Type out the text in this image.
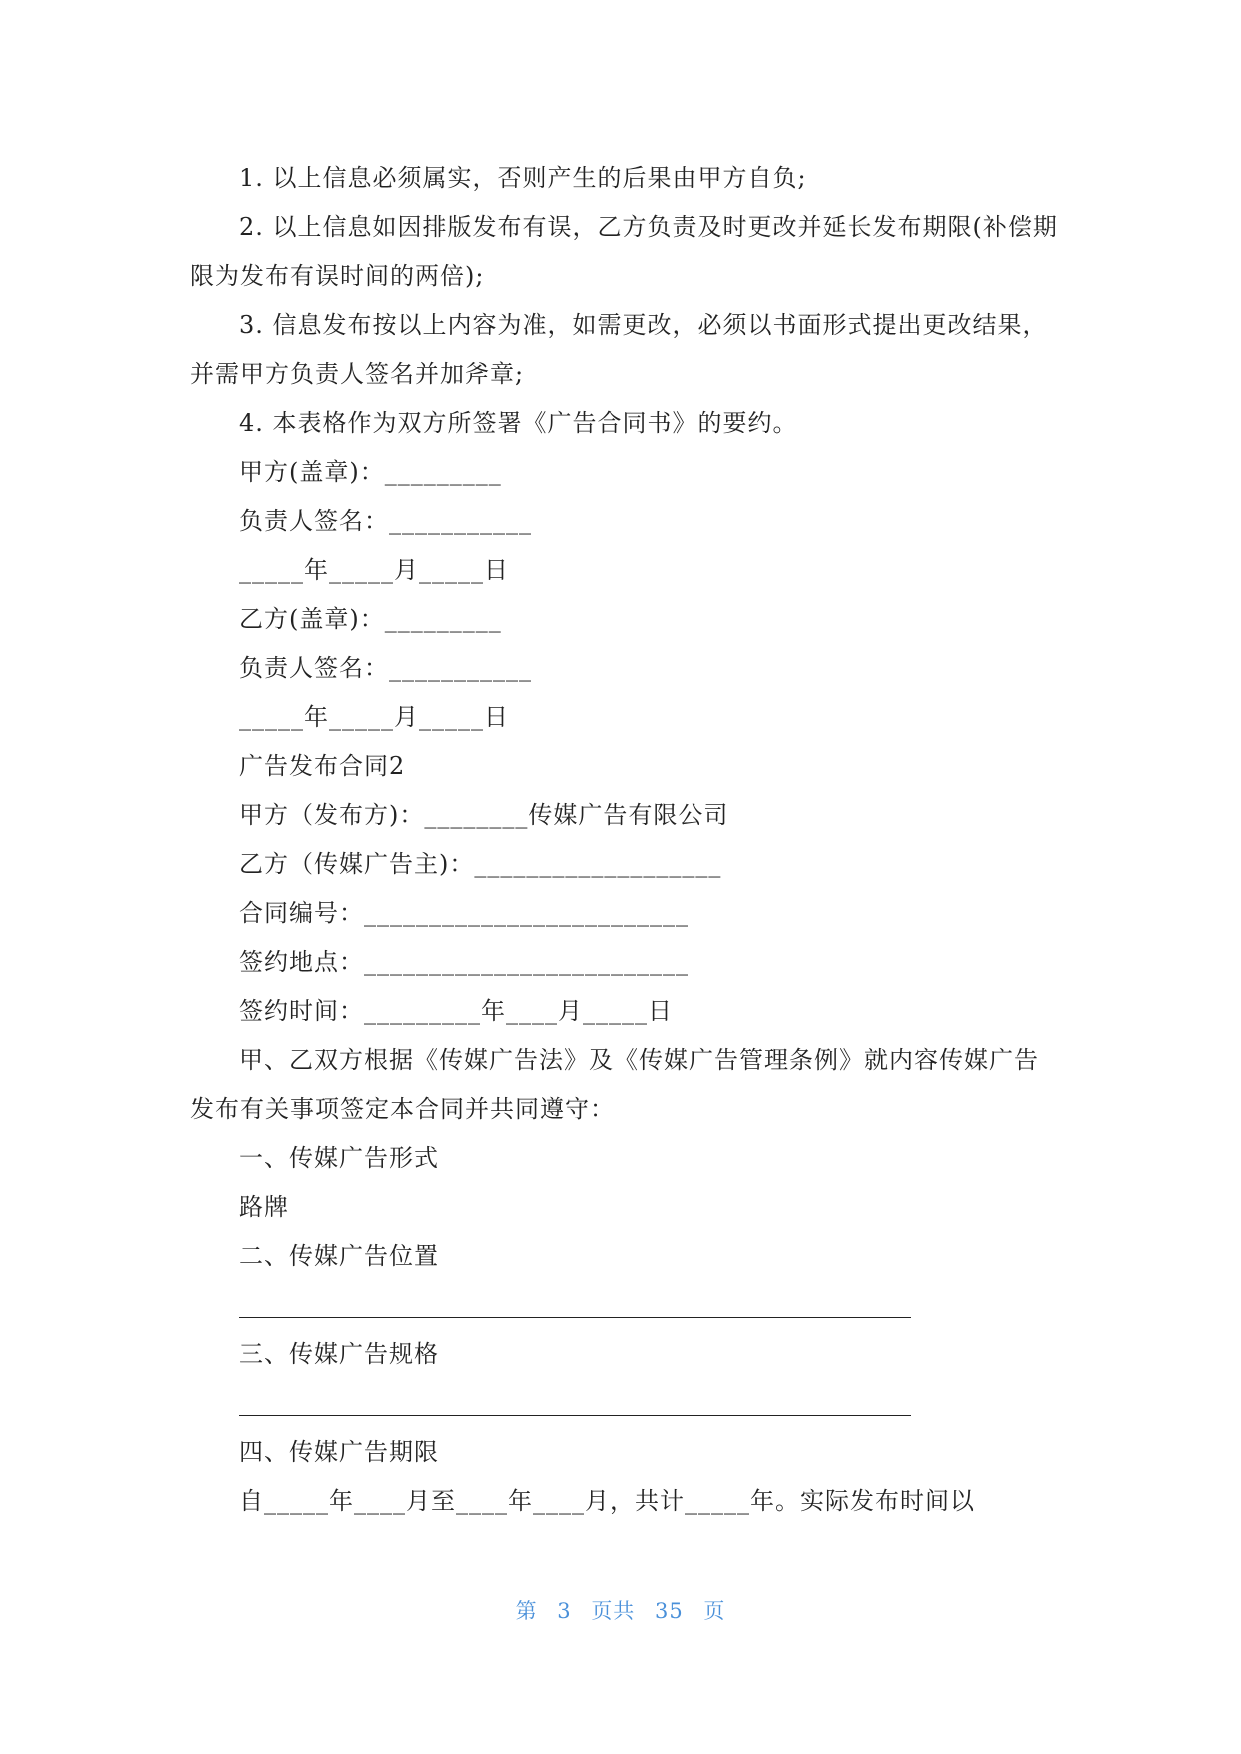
1. 以上信息必须属实，否则产生的后果由甲方自负;
2. 以上信息如因排版发布有误，乙方负责及时更改并延长发布期限(补偿期
限为发布有误时间的两倍);
3. 信息发布按以上内容为准，如需更改，必须以书面形式提出更改结果，
并需甲方负责人签名并加斧章;
4. 本表格作为双方所签署《广告合同书》的要约。
甲方(盖章)：_________
负责人签名：___________
_____年_____月_____日
乙方(盖章)：_________
负责人签名：___________
_____年_____月_____日
广告发布合同2
甲方（发布方)：________传媒广告有限公司
乙方（传媒广告主)：___________________
合同编号：_________________________
签约地点：_________________________
签约时间：_________年____月_____日
甲、乙双方根据《传媒广告法》及《传媒广告管理条例》就内容传媒广告
发布有关事项签定本合同并共同遵守：
一、传媒广告形式
路牌
二、传媒广告位置
三、传媒广告规格
四、传媒广告期限
自_____年____月至____年____月，共计_____年。实际发布时间以
第 3 页共 35 页
